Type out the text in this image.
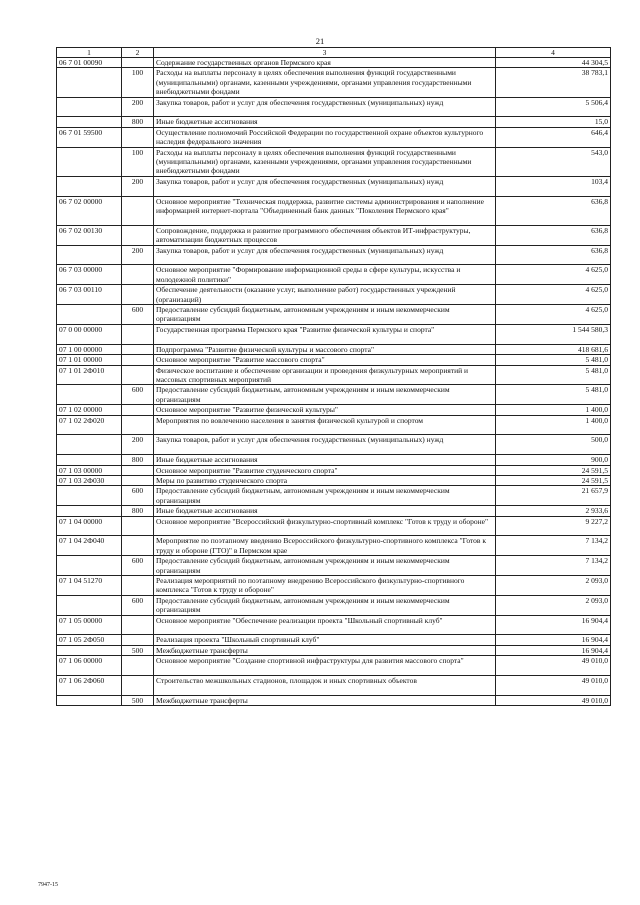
21
1	2	3	4
06 7 01 00090		Содержание государственных органов Пермского края	44 304,5
	100	Расходы на выплаты персоналу в целях обеспечения выполнения функций государственными (муниципальными) органами, казенными учреждениями, органами управления государственными внебюджетными фондами	38 783,1
	200	Закупка товаров, работ и услуг для обеспечения государственных (муниципальных) нужд	5 506,4
	800	Иные бюджетные ассигнования	15,0
06 7 01 59500		Осуществление полномочий Российской Федерации по государственной охране объектов культурного наследия федерального значения	646,4
	100	Расходы на выплаты персоналу в целях обеспечения выполнения функций государственными (муниципальными) органами, казенными учреждениями, органами управления государственными внебюджетными фондами	543,0
	200	Закупка товаров, работ и услуг для обеспечения государственных (муниципальных) нужд	103,4
06 7 02 00000		Основное мероприятие "Техническая поддержка, развитие системы администрирования и наполнение информацией интернет-портала "Объединенный банк данных "Поколения Пермского края"	636,8
06 7 02 00130		Сопровождение, поддержка и развитие программного обеспечения объектов ИТ-инфраструктуры, автоматизации бюджетных процессов	636,8
	200	Закупка товаров, работ и услуг для обеспечения государственных (муниципальных) нужд	636,8
06 7 03 00000		Основное мероприятие "Формирование информационной среды в сфере культуры, искусства и молодежной политики"	4 625,0
06 7 03 00110		Обеспечение деятельности (оказание услуг, выполнение работ) государственных учреждений (организаций)	4 625,0
	600	Предоставление субсидий бюджетным, автономным учреждениям и иным некоммерческим организациям	4 625,0
07 0 00 00000		Государственная программа Пермского края "Развитие физической культуры и спорта"	1 544 580,3
07 1 00 00000		Подпрограмма "Развитие физической культуры и массового спорта"	418 681,6
07 1 01 00000		Основное мероприятие "Развитие массового спорта"	5 481,0
07 1 01 2Ф010		Физическое воспитание и обеспечение организации и проведения физкультурных мероприятий и массовых спортивных мероприятий	5 481,0
	600	Предоставление субсидий бюджетным, автономным учреждениям и иным некоммерческим организациям	5 481,0
07 1 02 00000		Основное мероприятие "Развитие физической культуры"	1 400,0
07 1 02 2Ф020		Мероприятия по вовлечению населения в занятия физической культурой и спортом	1 400,0
	200	Закупка товаров, работ и услуг для обеспечения государственных (муниципальных) нужд	500,0
	800	Иные бюджетные ассигнования	900,0
07 1 03 00000		Основное мероприятие "Развитие студенческого спорта"	24 591,5
07 1 03 2Ф030		Меры по развитию студенческого спорта	24 591,5
	600	Предоставление субсидий бюджетным, автономным учреждениям и иным некоммерческим организациям	21 657,9
	800	Иные бюджетные ассигнования	2 933,6
07 1 04 00000		Основное мероприятие "Всероссийский физкультурно-спортивный комплекс "Готов к труду и обороне"	9 227,2
07 1 04 2Ф040		Мероприятие по поэтапному введению Всероссийского физкультурно-спортивного комплекса "Готов к труду и обороне (ГТО)" в Пермском крае	7 134,2
	600	Предоставление субсидий бюджетным, автономным учреждениям и иным некоммерческим организациям	7 134,2
07 1 04 51270		Реализация мероприятий по поэтапному внедрению Всероссийского физкультурно-спортивного комплекса "Готов к труду и обороне"	2 093,0
	600	Предоставление субсидий бюджетным, автономным учреждениям и иным некоммерческим организациям	2 093,0
07 1 05 00000		Основное мероприятие "Обеспечение реализации проекта "Школьный спортивный клуб"	16 904,4
07 1 05 2Ф050		Реализация проекта "Школьный спортивный клуб"	16 904,4
	500	Межбюджетные трансферты	16 904,4
07 1 06 00000		Основное мероприятие "Создание спортивной инфраструктуры для развития массового спорта"	49 010,0
07 1 06 2Ф060		Строительство межшкольных стадионов, площадок и иных спортивных объектов	49 010,0
	500	Межбюджетные трансферты	49 010,0
7947-15
